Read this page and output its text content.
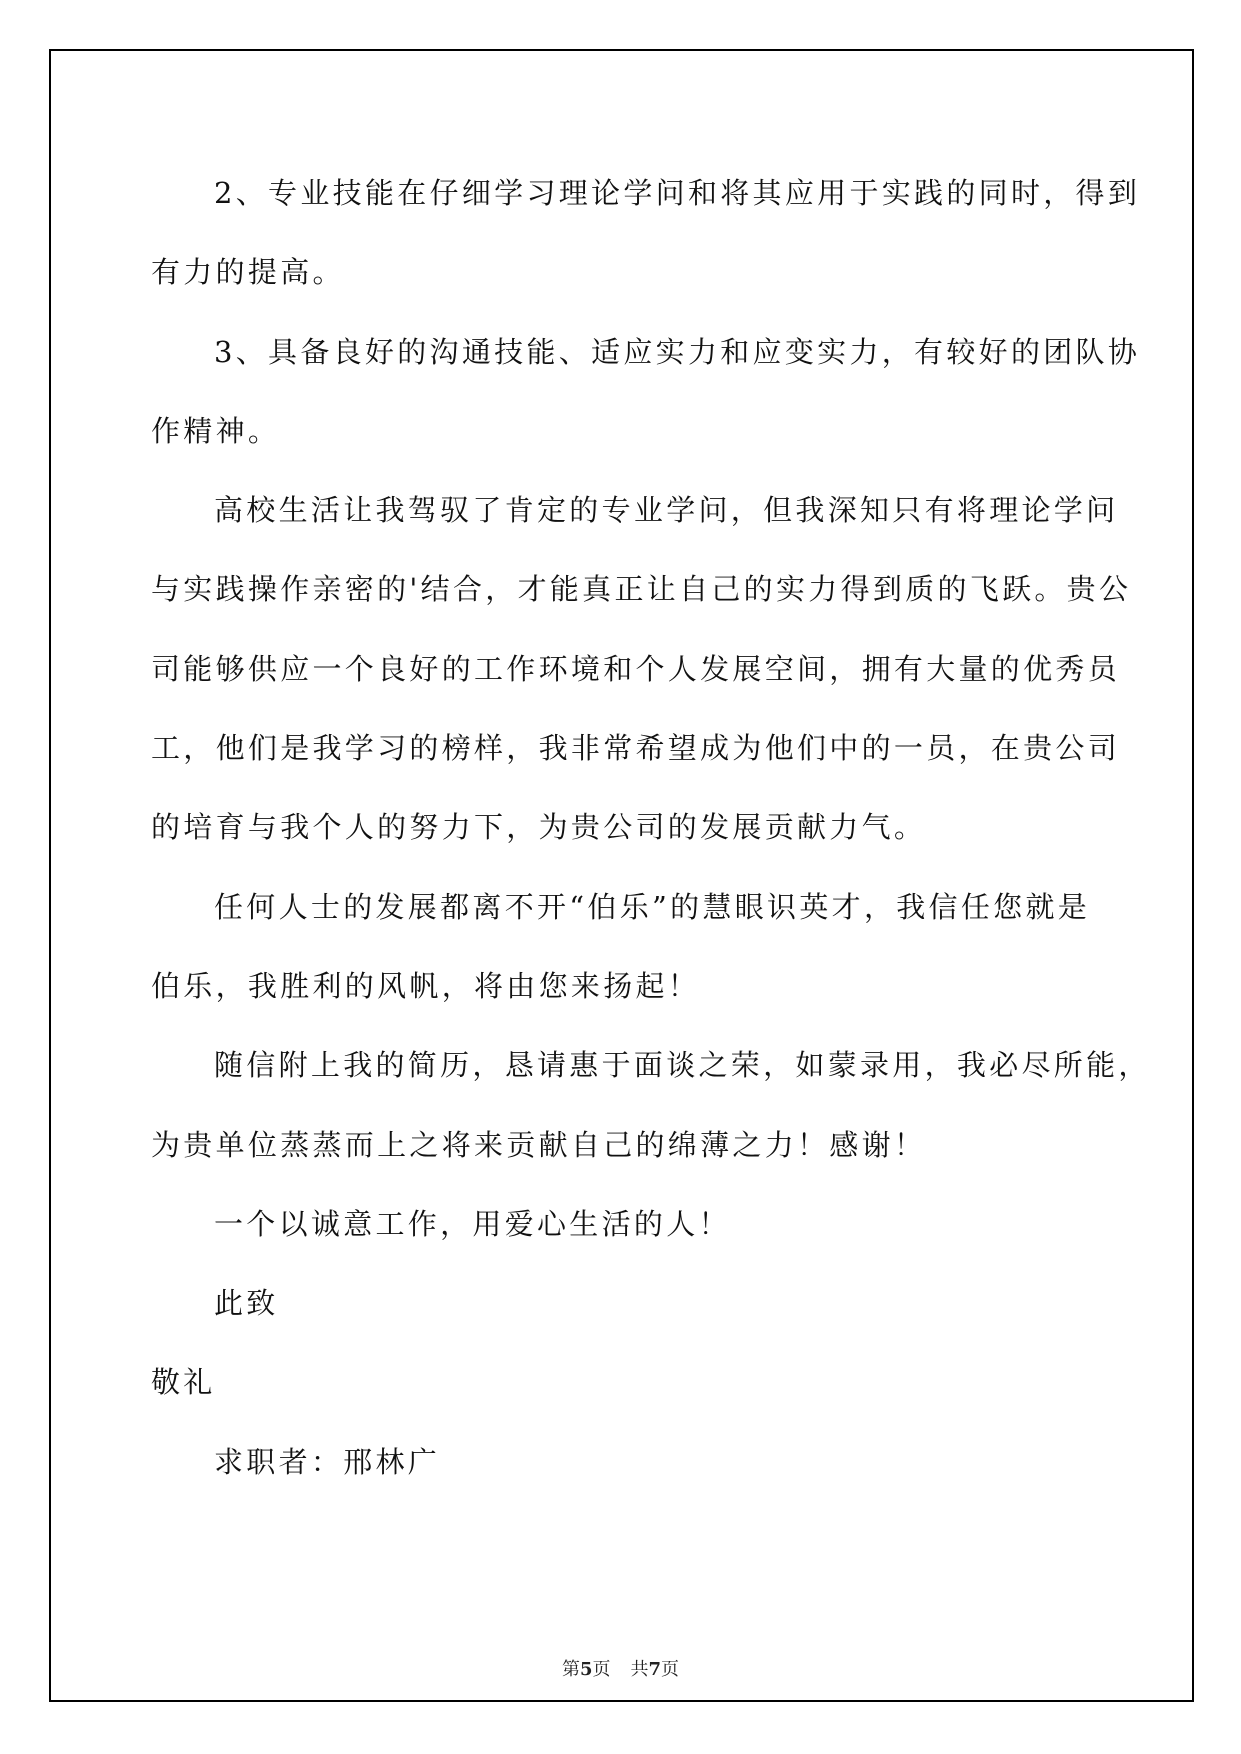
2、专业技能在仔细学习理论学问和将其应用于实践的同时，得到

有力的提高。

3、具备良好的沟通技能、适应实力和应变实力，有较好的团队协

作精神。

高校生活让我驾驭了肯定的专业学问，但我深知只有将理论学问

与实践操作亲密的'结合，才能真正让自己的实力得到质的飞跃。贵公

司能够供应一个良好的工作环境和个人发展空间，拥有大量的优秀员

工，他们是我学习的榜样，我非常希望成为他们中的一员，在贵公司

的培育与我个人的努力下，为贵公司的发展贡献力气。

任何人士的发展都离不开“伯乐”的慧眼识英才，我信任您就是

伯乐，我胜利的风帆，将由您来扬起！

随信附上我的简历，恳请惠于面谈之荣，如蒙录用，我必尽所能，

为贵单位蒸蒸而上之将来贡献自己的绵薄之力！感谢！

一个以诚意工作，用爱心生活的人！

此致

敬礼

求职者：邢林广

第5页 共7页
